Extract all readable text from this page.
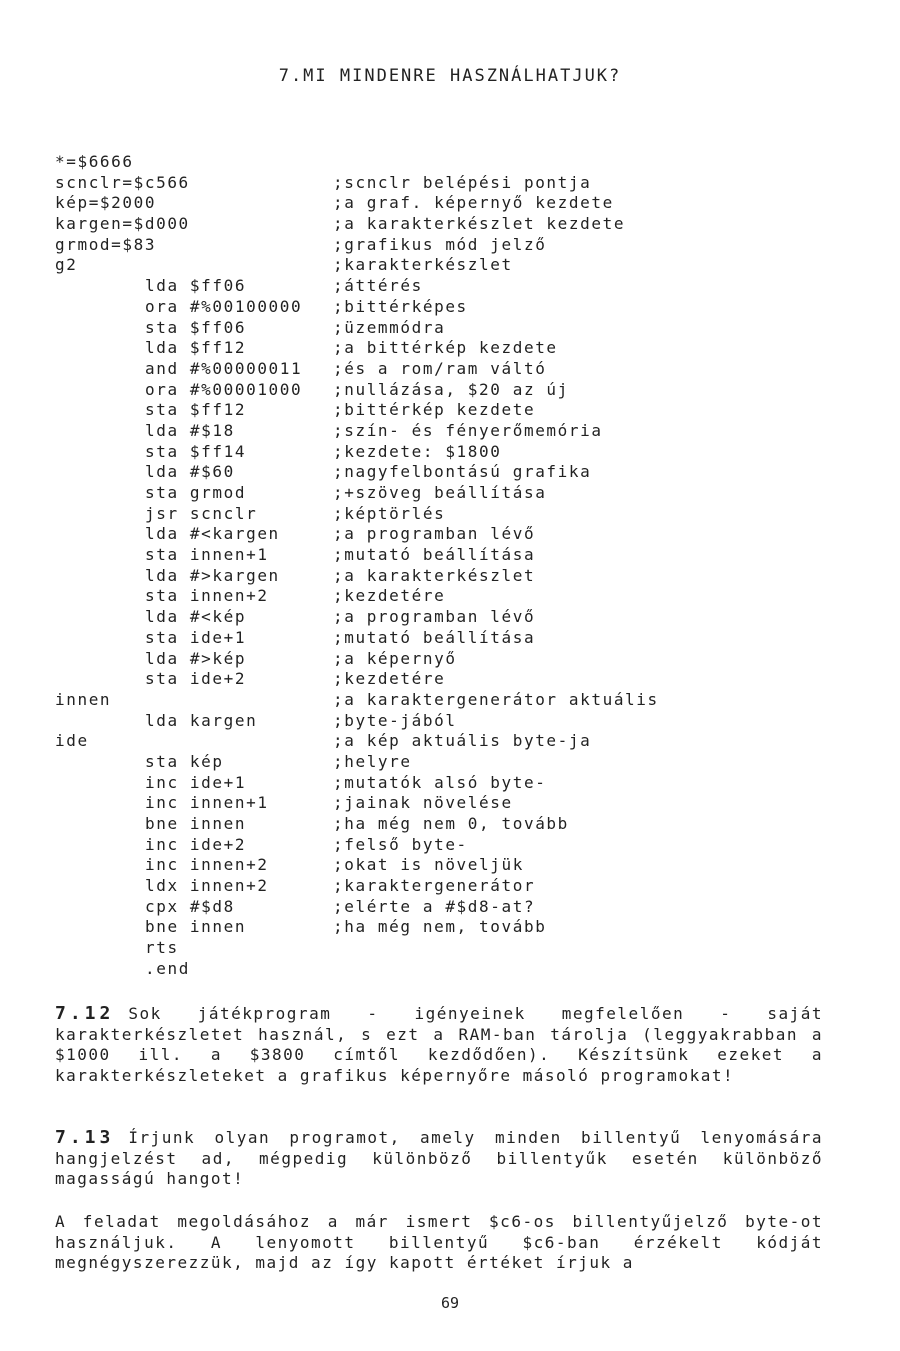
7.MI MINDENRE HASZNÁLHATJUK?
*=$6666
scnclr=$c566	;scnclr belépési pontja
kép=$2000	;a graf. képernyő kezdete
kargen=$d000	;a karakterkészlet kezdete
grmod=$83	;grafikus mód jelző
g2	;karakterkészlet
lda $ff06	;áttérés
ora #%00100000 ;bittérképes
sta $ff06	;üzemmódra
lda $ff12	;a bittérkép kezdete
and #%00000011 ;és a rom/ram váltó
ora #%00001000 ;nullázása, $20 az új
sta $ff12	;bittérkép kezdete
lda #$18	;szín- és fényerőmemória
sta $ff14	;kezdete: $1800
lda #$60	;nagyfelbontású grafika
sta grmod	;+szöveg beállítása
jsr scnclr	;képtörlés
lda #<kargen	;a programban lévő
sta innen+1	;mutató beállítása
lda #>kargen	;a karakterkészlet
sta innen+2	;kezdetére
lda #<kép	;a programban lévő
sta ide+1	;mutató beállítása
lda #>kép	;a képernyő
sta ide+2	;kezdetére
innen	;a karaktergenerátor aktuális
lda kargen	;byte-jából
ide	;a kép aktuális byte-ja
sta kép	;helyre
inc ide+1	;mutatók alsó byte-
inc innen+1	;jainak növelése
bne innen	;ha még nem 0, tovább
inc ide+2	;felső byte-
inc innen+2	;okat is növeljük
ldx innen+2	;karaktergenerátor
cpx #$d8	;elérte a #$d8-at?
bne innen	;ha még nem, tovább
rts
.end
7.12 Sok játékprogram - igényeinek megfelelően - saját karakterkészletet használ, s ezt a RAM-ban tárolja (leggyakrabban a $1000 ill. a $3800 címtől kezdődően). Készítsünk ezeket a karakterkészleteket a grafikus képernyőre másoló programokat!
7.13 Írjunk olyan programot, amely minden billentyű lenyomására hangjelzést ad, mégpedig különböző billentyűk esetén különböző magasságú hangot!
A feladat megoldásához a már ismert $c6-os billentyűjelző byte-ot használjuk. A lenyomott billentyű $c6-ban érzékelt kódját megnégyszerezzük, majd az így kapott értéket írjuk a
69
